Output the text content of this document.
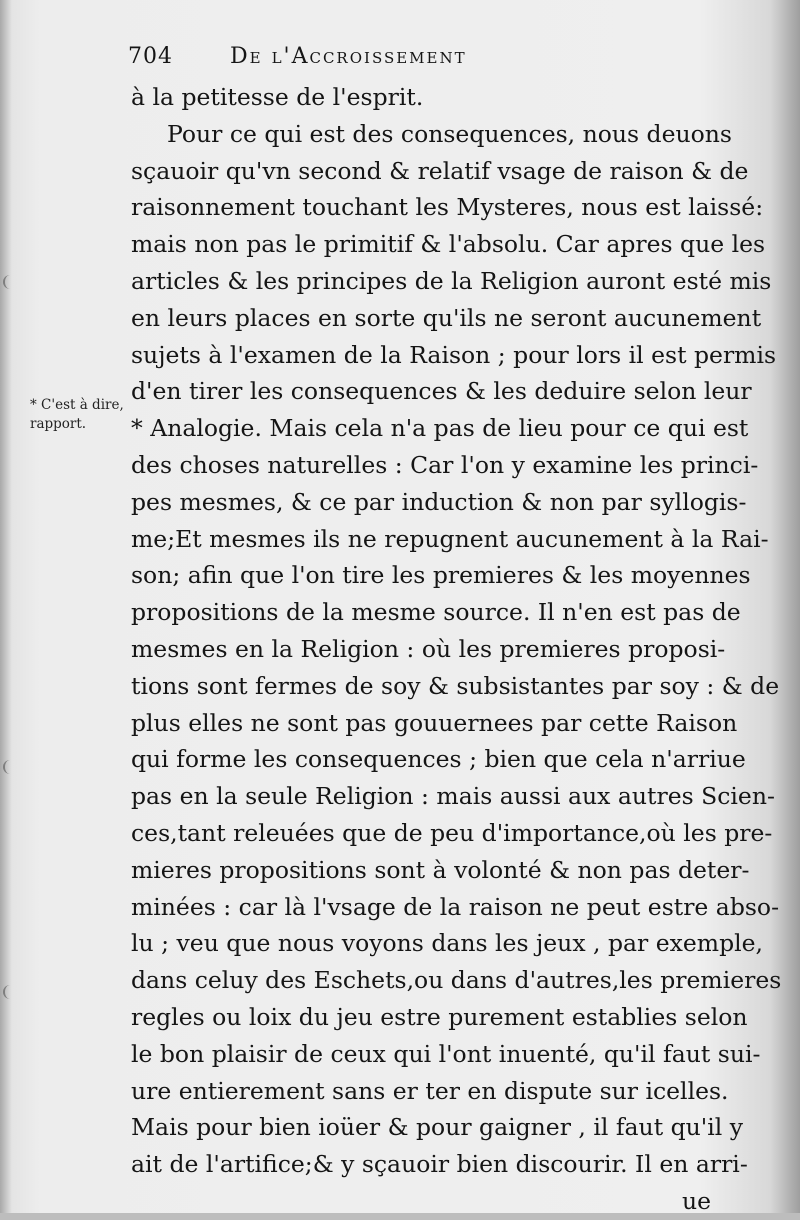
704	De l'Accroissement
* C'est à dire,
rapport.
à la petitesse de l'esprit.
Pour ce qui est des consequences, nous deuons
sçauoir qu'vn second & relatif vsage de raison & de
raisonnement touchant les Mysteres, nous est laissé:
mais non pas le primitif & l'absolu. Car apres que les
articles & les principes de la Religion auront esté mis
en leurs places en sorte qu'ils ne seront aucunement
sujets à l'examen de la Raison ; pour lors il est permis
d'en tirer les consequences & les deduire selon leur
* Analogie. Mais cela n'a pas de lieu pour ce qui est
des choses naturelles : Car l'on y examine les princi-
pes mesmes, & ce par induction & non par syllogis-
me;Et mesmes ils ne repugnent aucunement à la Rai-
son; afin que l'on tire les premieres & les moyennes
propositions de la mesme source. Il n'en est pas de
mesmes en la Religion : où les premieres proposi-
tions sont fermes de soy & subsistantes par soy : & de
plus elles ne sont pas gouuernees par cette Raison
qui forme les consequences ; bien que cela n'arriue
pas en la seule Religion : mais aussi aux autres Scien-
ces,tant releuées que de peu d'importance,où les pre-
mieres propositions sont à volonté & non pas deter-
minées : car là l'vsage de la raison ne peut estre abso-
lu ; veu que nous voyons dans les jeux , par exemple,
dans celuy des Eschets,ou dans d'autres,les premieres
regles ou loix du jeu estre purement establies selon
le bon plaisir de ceux qui l'ont inuenté, qu'il faut sui-
ure entierement sans er ter en dispute sur icelles.
Mais pour bien ioüer & pour gaigner , il faut qu'il y
ait de l'artifice;& y sçauoir bien discourir. Il en arri-
ue
